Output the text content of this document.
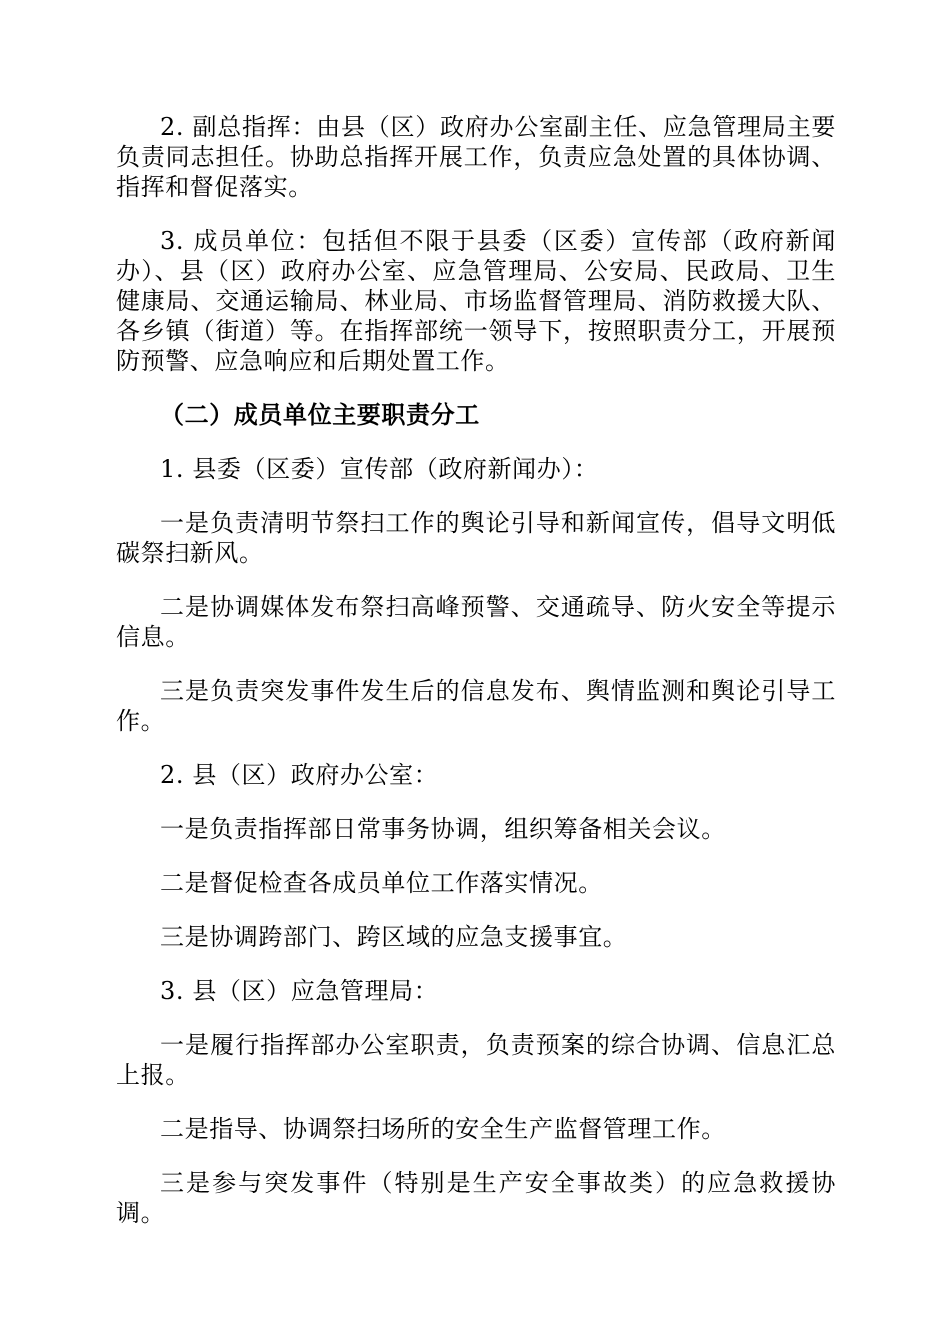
2. 副总指挥：由县（区）政府办公室副主任、应急管理局主要负责同志担任。协助总指挥开展工作，负责应急处置的具体协调、指挥和督促落实。

3. 成员单位：包括但不限于县委（区委）宣传部（政府新闻办）、县（区）政府办公室、应急管理局、公安局、民政局、卫生健康局、交通运输局、林业局、市场监督管理局、消防救援大队、各乡镇（街道）等。在指挥部统一领导下，按照职责分工，开展预防预警、应急响应和后期处置工作。

（二）成员单位主要职责分工

1. 县委（区委）宣传部（政府新闻办）：

一是负责清明节祭扫工作的舆论引导和新闻宣传，倡导文明低碳祭扫新风。

二是协调媒体发布祭扫高峰预警、交通疏导、防火安全等提示信息。

三是负责突发事件发生后的信息发布、舆情监测和舆论引导工作。

2. 县（区）政府办公室：

一是负责指挥部日常事务协调，组织筹备相关会议。

二是督促检查各成员单位工作落实情况。

三是协调跨部门、跨区域的应急支援事宜。

3. 县（区）应急管理局：

一是履行指挥部办公室职责，负责预案的综合协调、信息汇总上报。

二是指导、协调祭扫场所的安全生产监督管理工作。

三是参与突发事件（特别是生产安全事故类）的应急救援协调。
